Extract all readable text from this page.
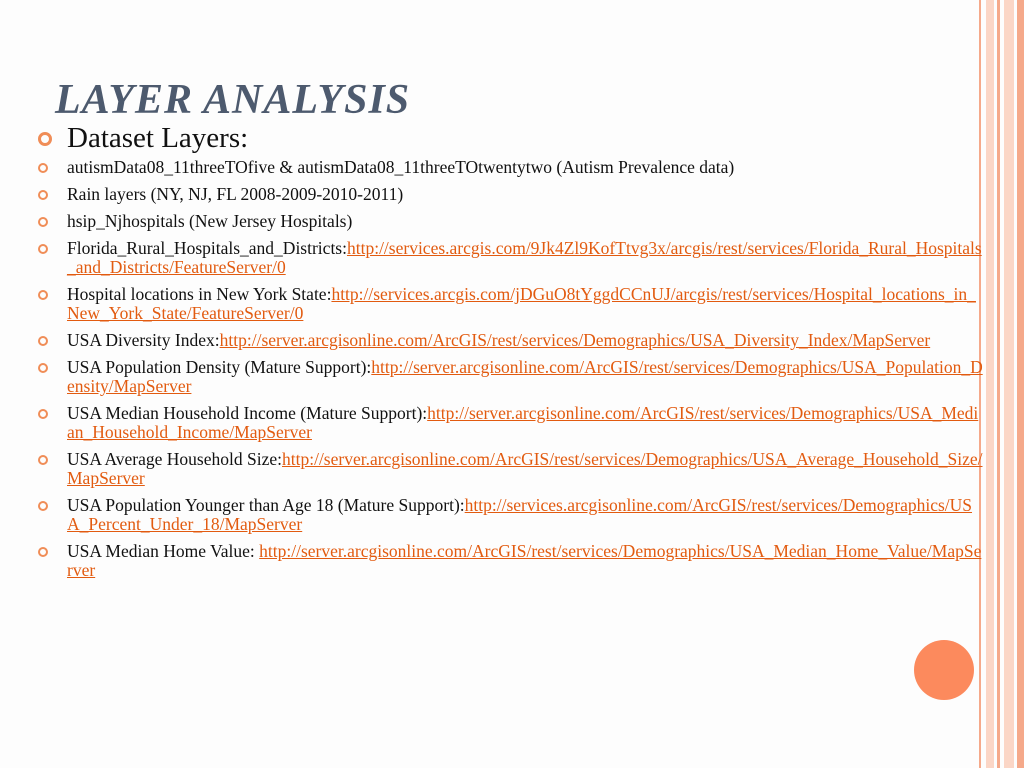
LAYER ANALYSIS
Dataset Layers:
autismData08_11threeTOfive & autismData08_11threeTOtwentytwo (Autism Prevalence data)
Rain layers (NY, NJ, FL 2008-2009-2010-2011)
hsip_Njhospitals (New Jersey Hospitals)
Florida_Rural_Hospitals_and_Districts:http://services.arcgis.com/9Jk4Zl9KofTtvg3x/arcgis/rest/services/Florida_Rural_Hospitals_and_Districts/FeatureServer/0
Hospital locations in New York State:http://services.arcgis.com/jDGuO8tYggdCCnUJ/arcgis/rest/services/Hospital_locations_in_New_York_State/FeatureServer/0
USA Diversity Index:http://server.arcgisonline.com/ArcGIS/rest/services/Demographics/USA_Diversity_Index/MapServer
USA Population Density (Mature Support):http://server.arcgisonline.com/ArcGIS/rest/services/Demographics/USA_Population_Density/MapServer
USA Median Household Income (Mature Support):http://server.arcgisonline.com/ArcGIS/rest/services/Demographics/USA_Median_Household_Income/MapServer
USA Average Household Size:http://server.arcgisonline.com/ArcGIS/rest/services/Demographics/USA_Average_Household_Size/MapServer
USA Population Younger than Age 18 (Mature Support):http://services.arcgisonline.com/ArcGIS/rest/services/Demographics/USA_Percent_Under_18/MapServer
USA Median Home Value: http://server.arcgisonline.com/ArcGIS/rest/services/Demographics/USA_Median_Home_Value/MapServer
